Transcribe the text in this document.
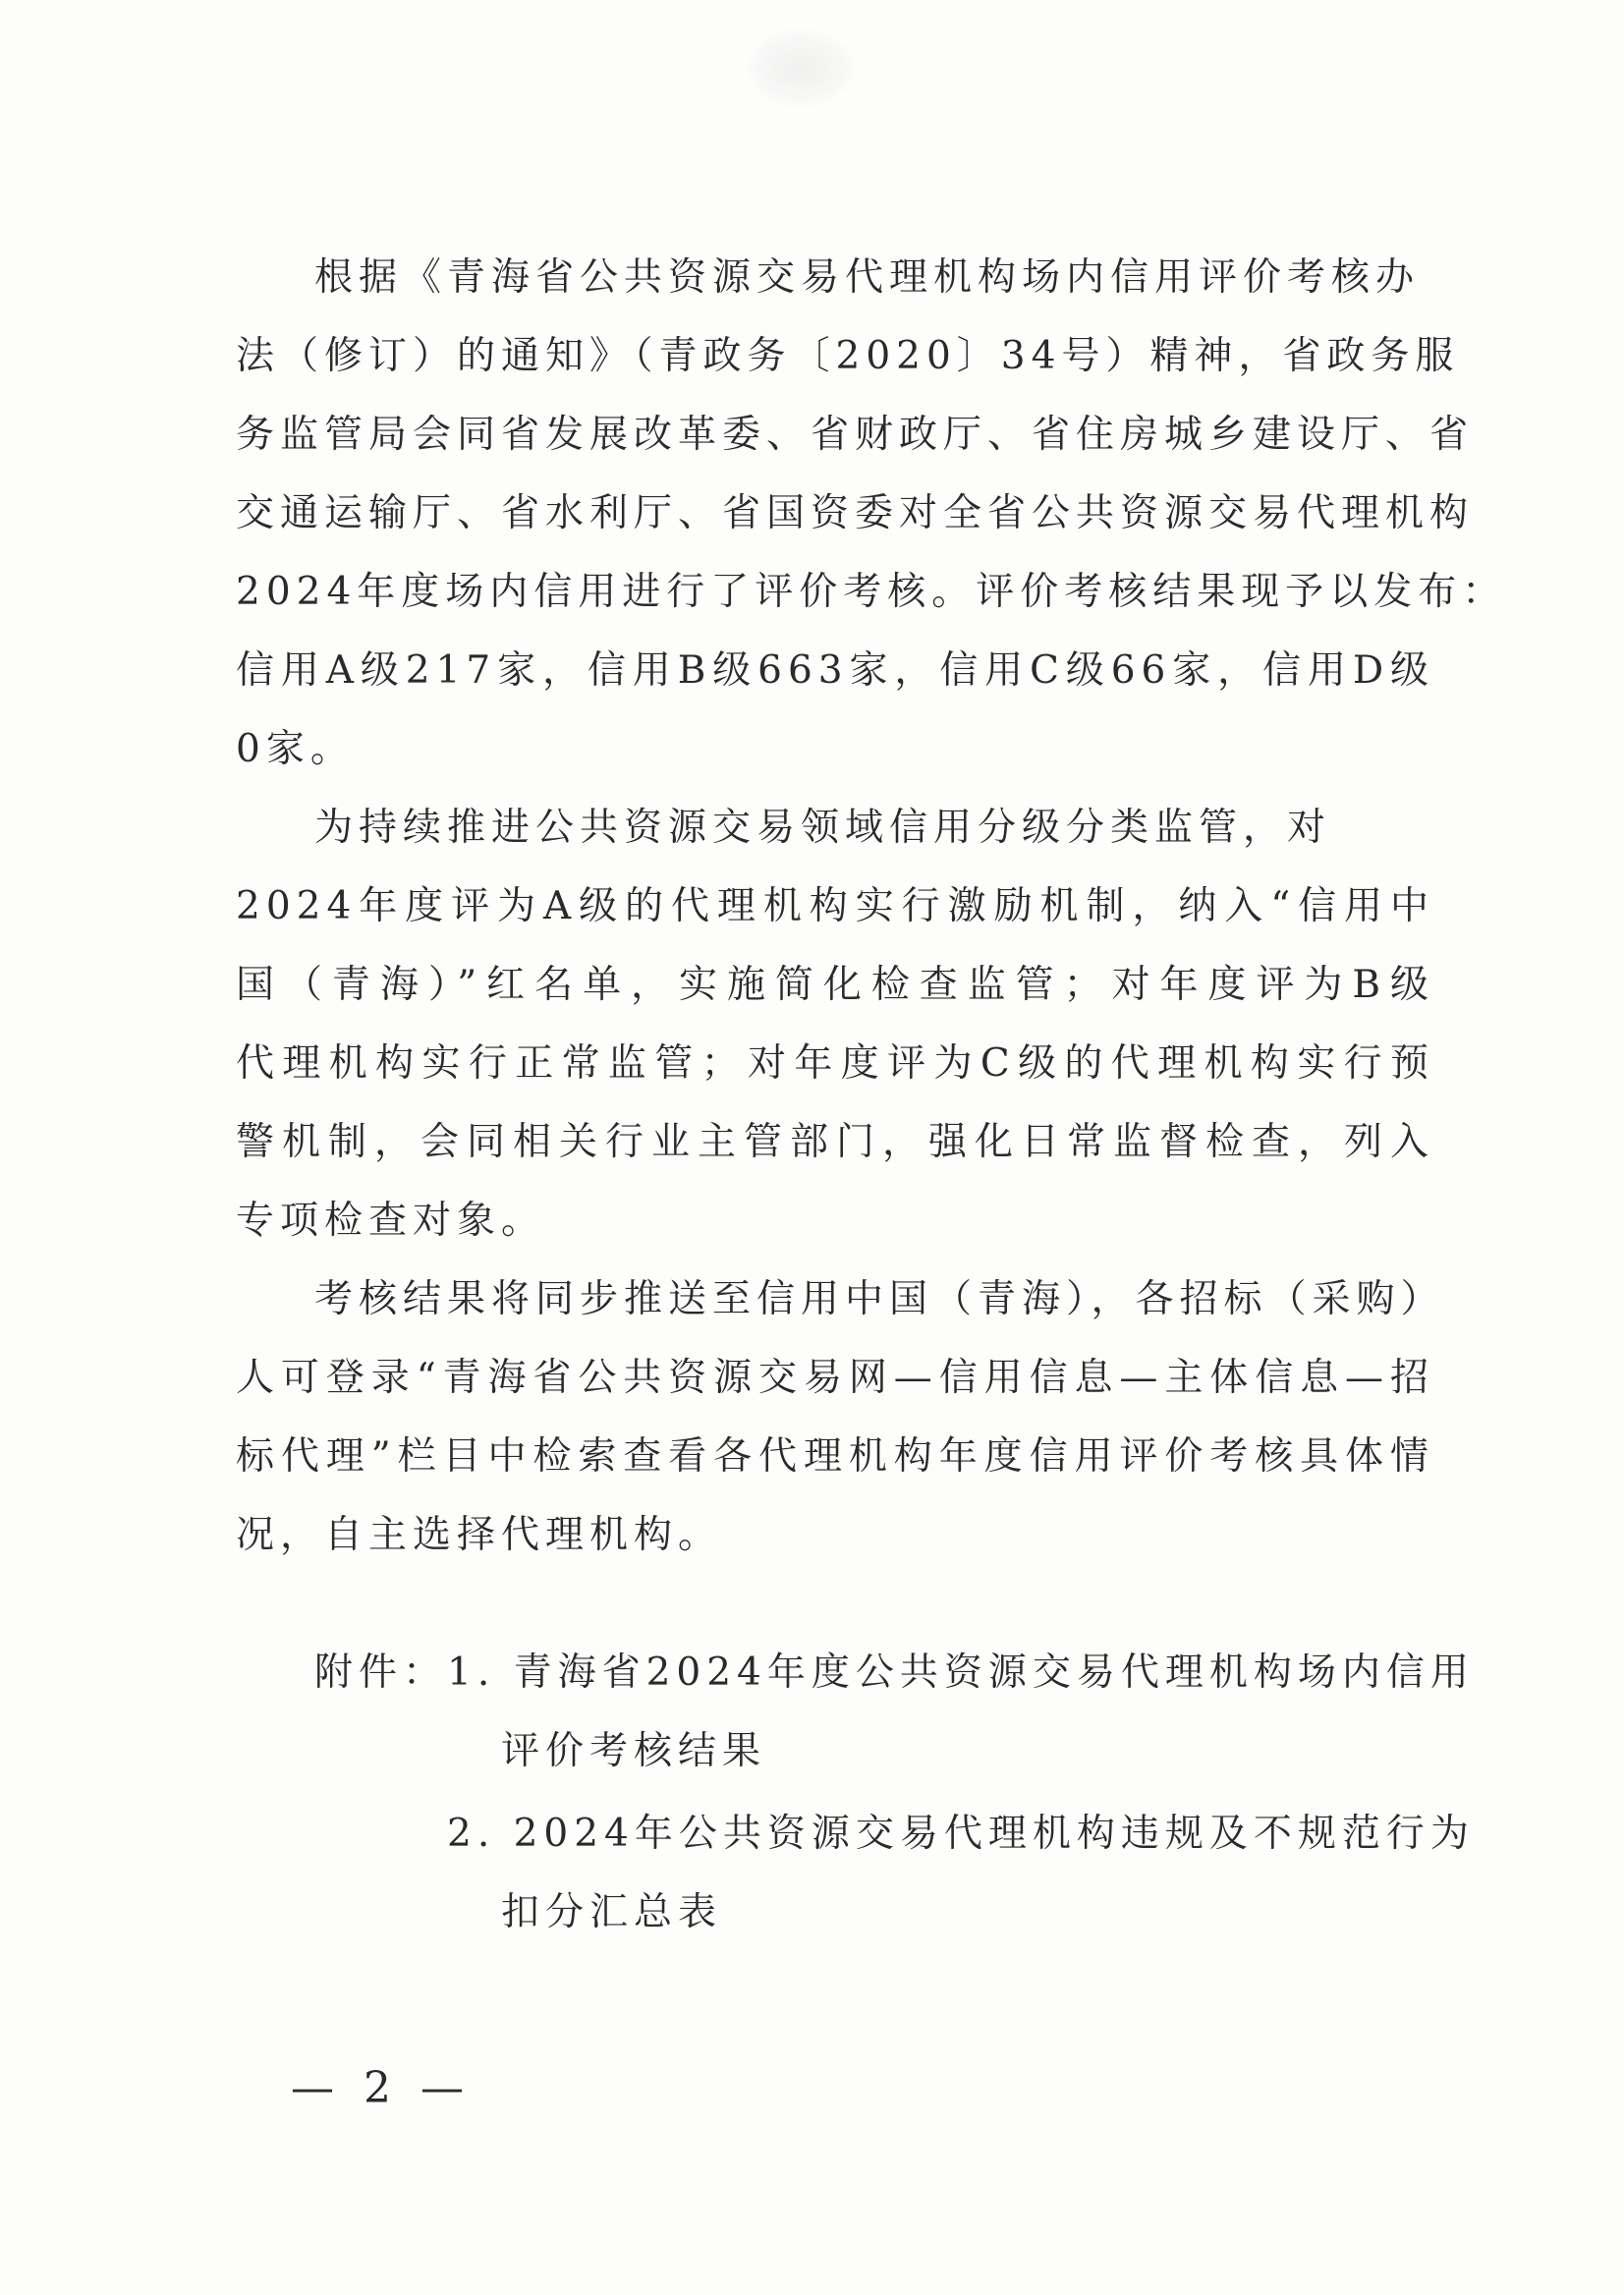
根据《青海省公共资源交易代理机构场内信用评价考核办
法（修订）的通知》（青政务〔2020〕34号）精神，省政务服
务监管局会同省发展改革委、省财政厅、省住房城乡建设厅、省
交通运输厅、省水利厅、省国资委对全省公共资源交易代理机构
2024年度场内信用进行了评价考核。评价考核结果现予以发布：
信用A级217家，信用B级663家，信用C级66家，信用D级
0家。
为持续推进公共资源交易领域信用分级分类监管，对
2024年度评为A级的代理机构实行激励机制，纳入“信用中
国（青海）”红名单，实施简化检查监管；对年度评为B级
代理机构实行正常监管；对年度评为C级的代理机构实行预
警机制，会同相关行业主管部门，强化日常监督检查，列入
专项检查对象。
考核结果将同步推送至信用中国（青海），各招标（采购）
人可登录“青海省公共资源交易网—信用信息—主体信息—招
标代理”栏目中检索查看各代理机构年度信用评价考核具体情
况，自主选择代理机构。
附件：1. 青海省2024年度公共资源交易代理机构场内信用
评价考核结果
2. 2024年公共资源交易代理机构违规及不规范行为
扣分汇总表
— 2 —
